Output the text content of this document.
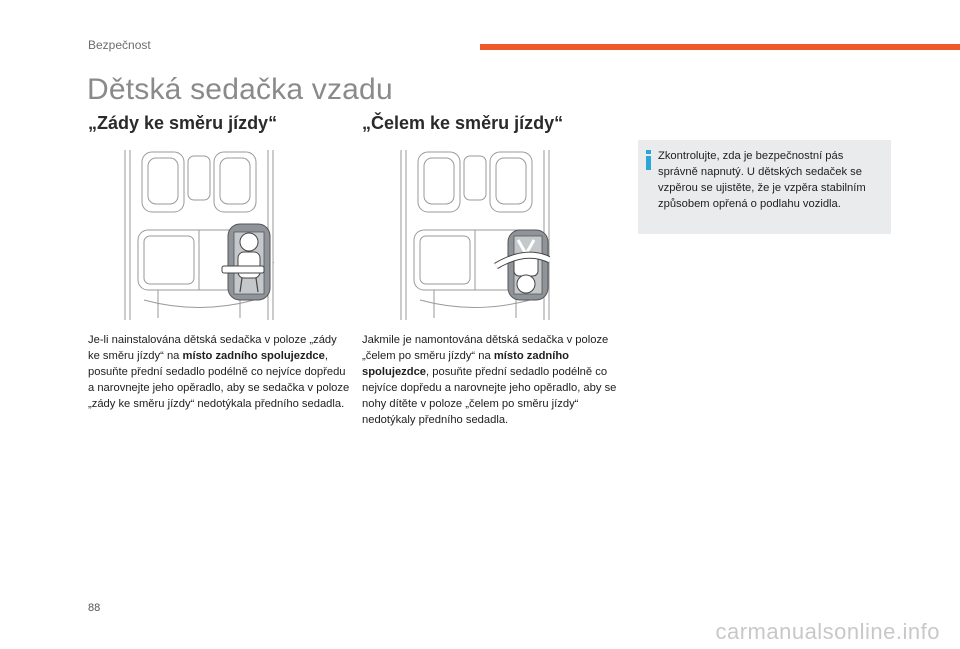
Bezpečnost
Dětská sedačka vzadu
„Zády ke směru jízdy“	„Čelem ke směru jízdy“

Je-li nainstalována dětská sedačka v poloze „zády ke směru jízdy“ na místo zadního spolujezdce, posuňte přední sedadlo podélně co nejvíce dopředu a narovnejte jeho opěradlo, aby se sedačka v poloze „zády ke směru jízdy“ nedotýkala předního sedadla.

Jakmile je namontována dětská sedačka v poloze „čelem po směru jízdy“ na místo zadního spolujezdce, posuňte přední sedadlo podélně co nejvíce dopředu a narovnejte jeho opěradlo, aby se nohy dítěte v poloze „čelem po směru jízdy“ nedotýkaly předního sedadla.

Zkontrolujte, zda je bezpečnostní pás správně napnutý. U dětských sedaček se vzpěrou se ujistěte, že je vzpěra stabilním způsobem opřená o podlahu vozidla.
88
carmanualsonline.info
